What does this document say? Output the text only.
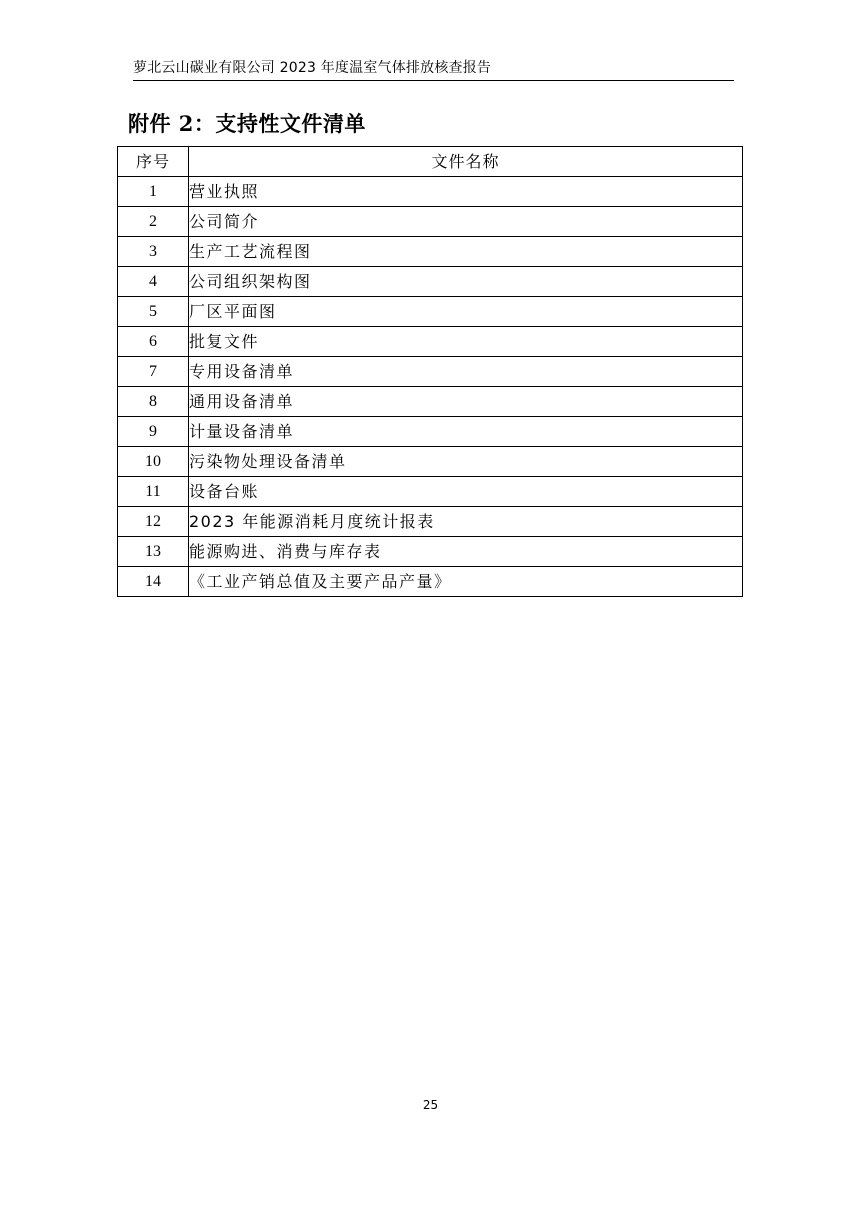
萝北云山碳业有限公司 2023 年度温室气体排放核查报告
附件 2：支持性文件清单
序号	文件名称
1	营业执照
2	公司简介
3	生产工艺流程图
4	公司组织架构图
5	厂区平面图
6	批复文件
7	专用设备清单
8	通用设备清单
9	计量设备清单
10	污染物处理设备清单
11	设备台账
12	2023 年能源消耗月度统计报表
13	能源购进、消费与库存表
14	《工业产销总值及主要产品产量》
25
